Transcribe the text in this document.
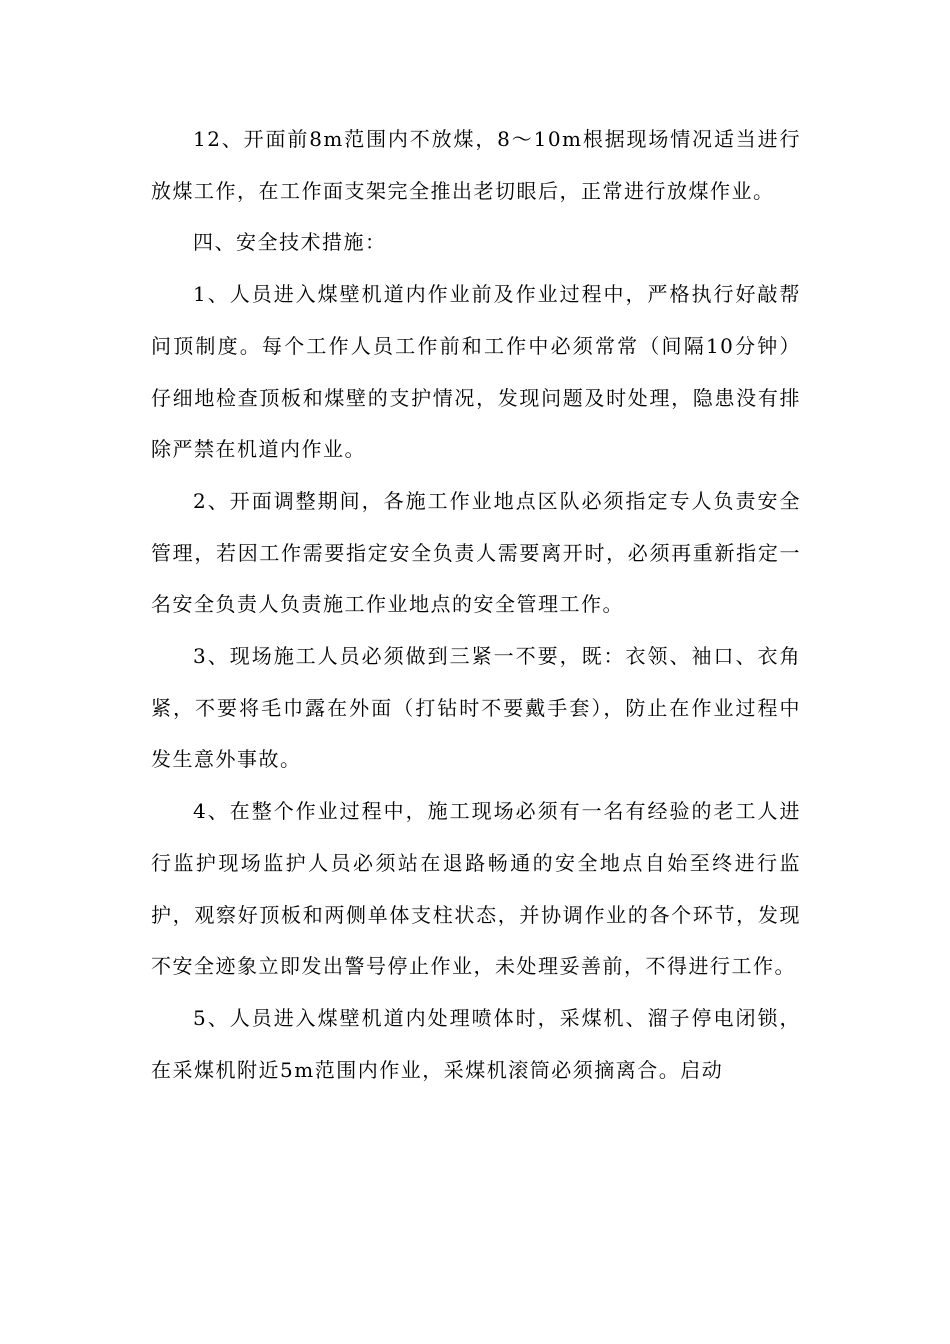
12、开面前8m范围内不放煤，8～10m根据现场情况适当进行放煤工作，在工作面支架完全推出老切眼后，正常进行放煤作业。

四、安全技术措施：

1、人员进入煤壁机道内作业前及作业过程中，严格执行好敲帮问顶制度。每个工作人员工作前和工作中必须常常（间隔10分钟）仔细地检查顶板和煤壁的支护情况，发现问题及时处理，隐患没有排除严禁在机道内作业。

2、开面调整期间，各施工作业地点区队必须指定专人负责安全管理，若因工作需要指定安全负责人需要离开时，必须再重新指定一名安全负责人负责施工作业地点的安全管理工作。

3、现场施工人员必须做到三紧一不要，既：衣领、袖口、衣角紧，不要将毛巾露在外面（打钻时不要戴手套），防止在作业过程中发生意外事故。

4、在整个作业过程中，施工现场必须有一名有经验的老工人进行监护现场监护人员必须站在退路畅通的安全地点自始至终进行监护，观察好顶板和两侧单体支柱状态，并协调作业的各个环节，发现不安全迹象立即发出警号停止作业，未处理妥善前，不得进行工作。

5、人员进入煤壁机道内处理喷体时，采煤机、溜子停电闭锁，在采煤机附近5m范围内作业，采煤机滚筒必须摘离合。启动
